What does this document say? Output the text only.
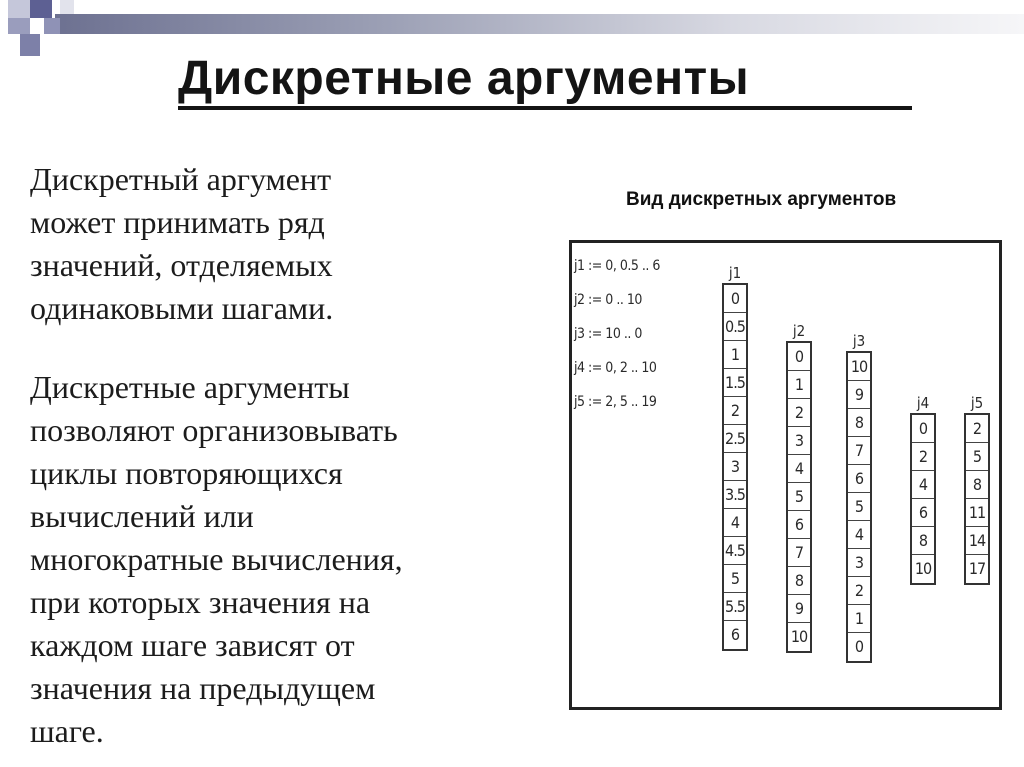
Дискретные аргументы

Дискретный аргумент
может принимать ряд
значений, отделяемых
одинаковыми шагами.

Дискретные аргументы
позволяют организовывать
циклы повторяющихся
вычислений или
многократные вычисления,
при которых значения на
каждом шаге зависят от
значения на предыдущем
шаге.

Вид дискретных аргументов
j1 := 0, 0.5 .. 6
j2 := 0 .. 10
j3 := 10 .. 0
j4 := 0, 2 .. 10
j5 := 2, 5 .. 19
j1
0
0.5
1
1.5
2
2.5
3
3.5
4
4.5
5
5.5
6
j2
0
1
2
3
4
5
6
7
8
9
10
j3
10
9
8
7
6
5
4
3
2
1
0
j4
0
2
4
6
8
10
j5
2
5
8
11
14
17
